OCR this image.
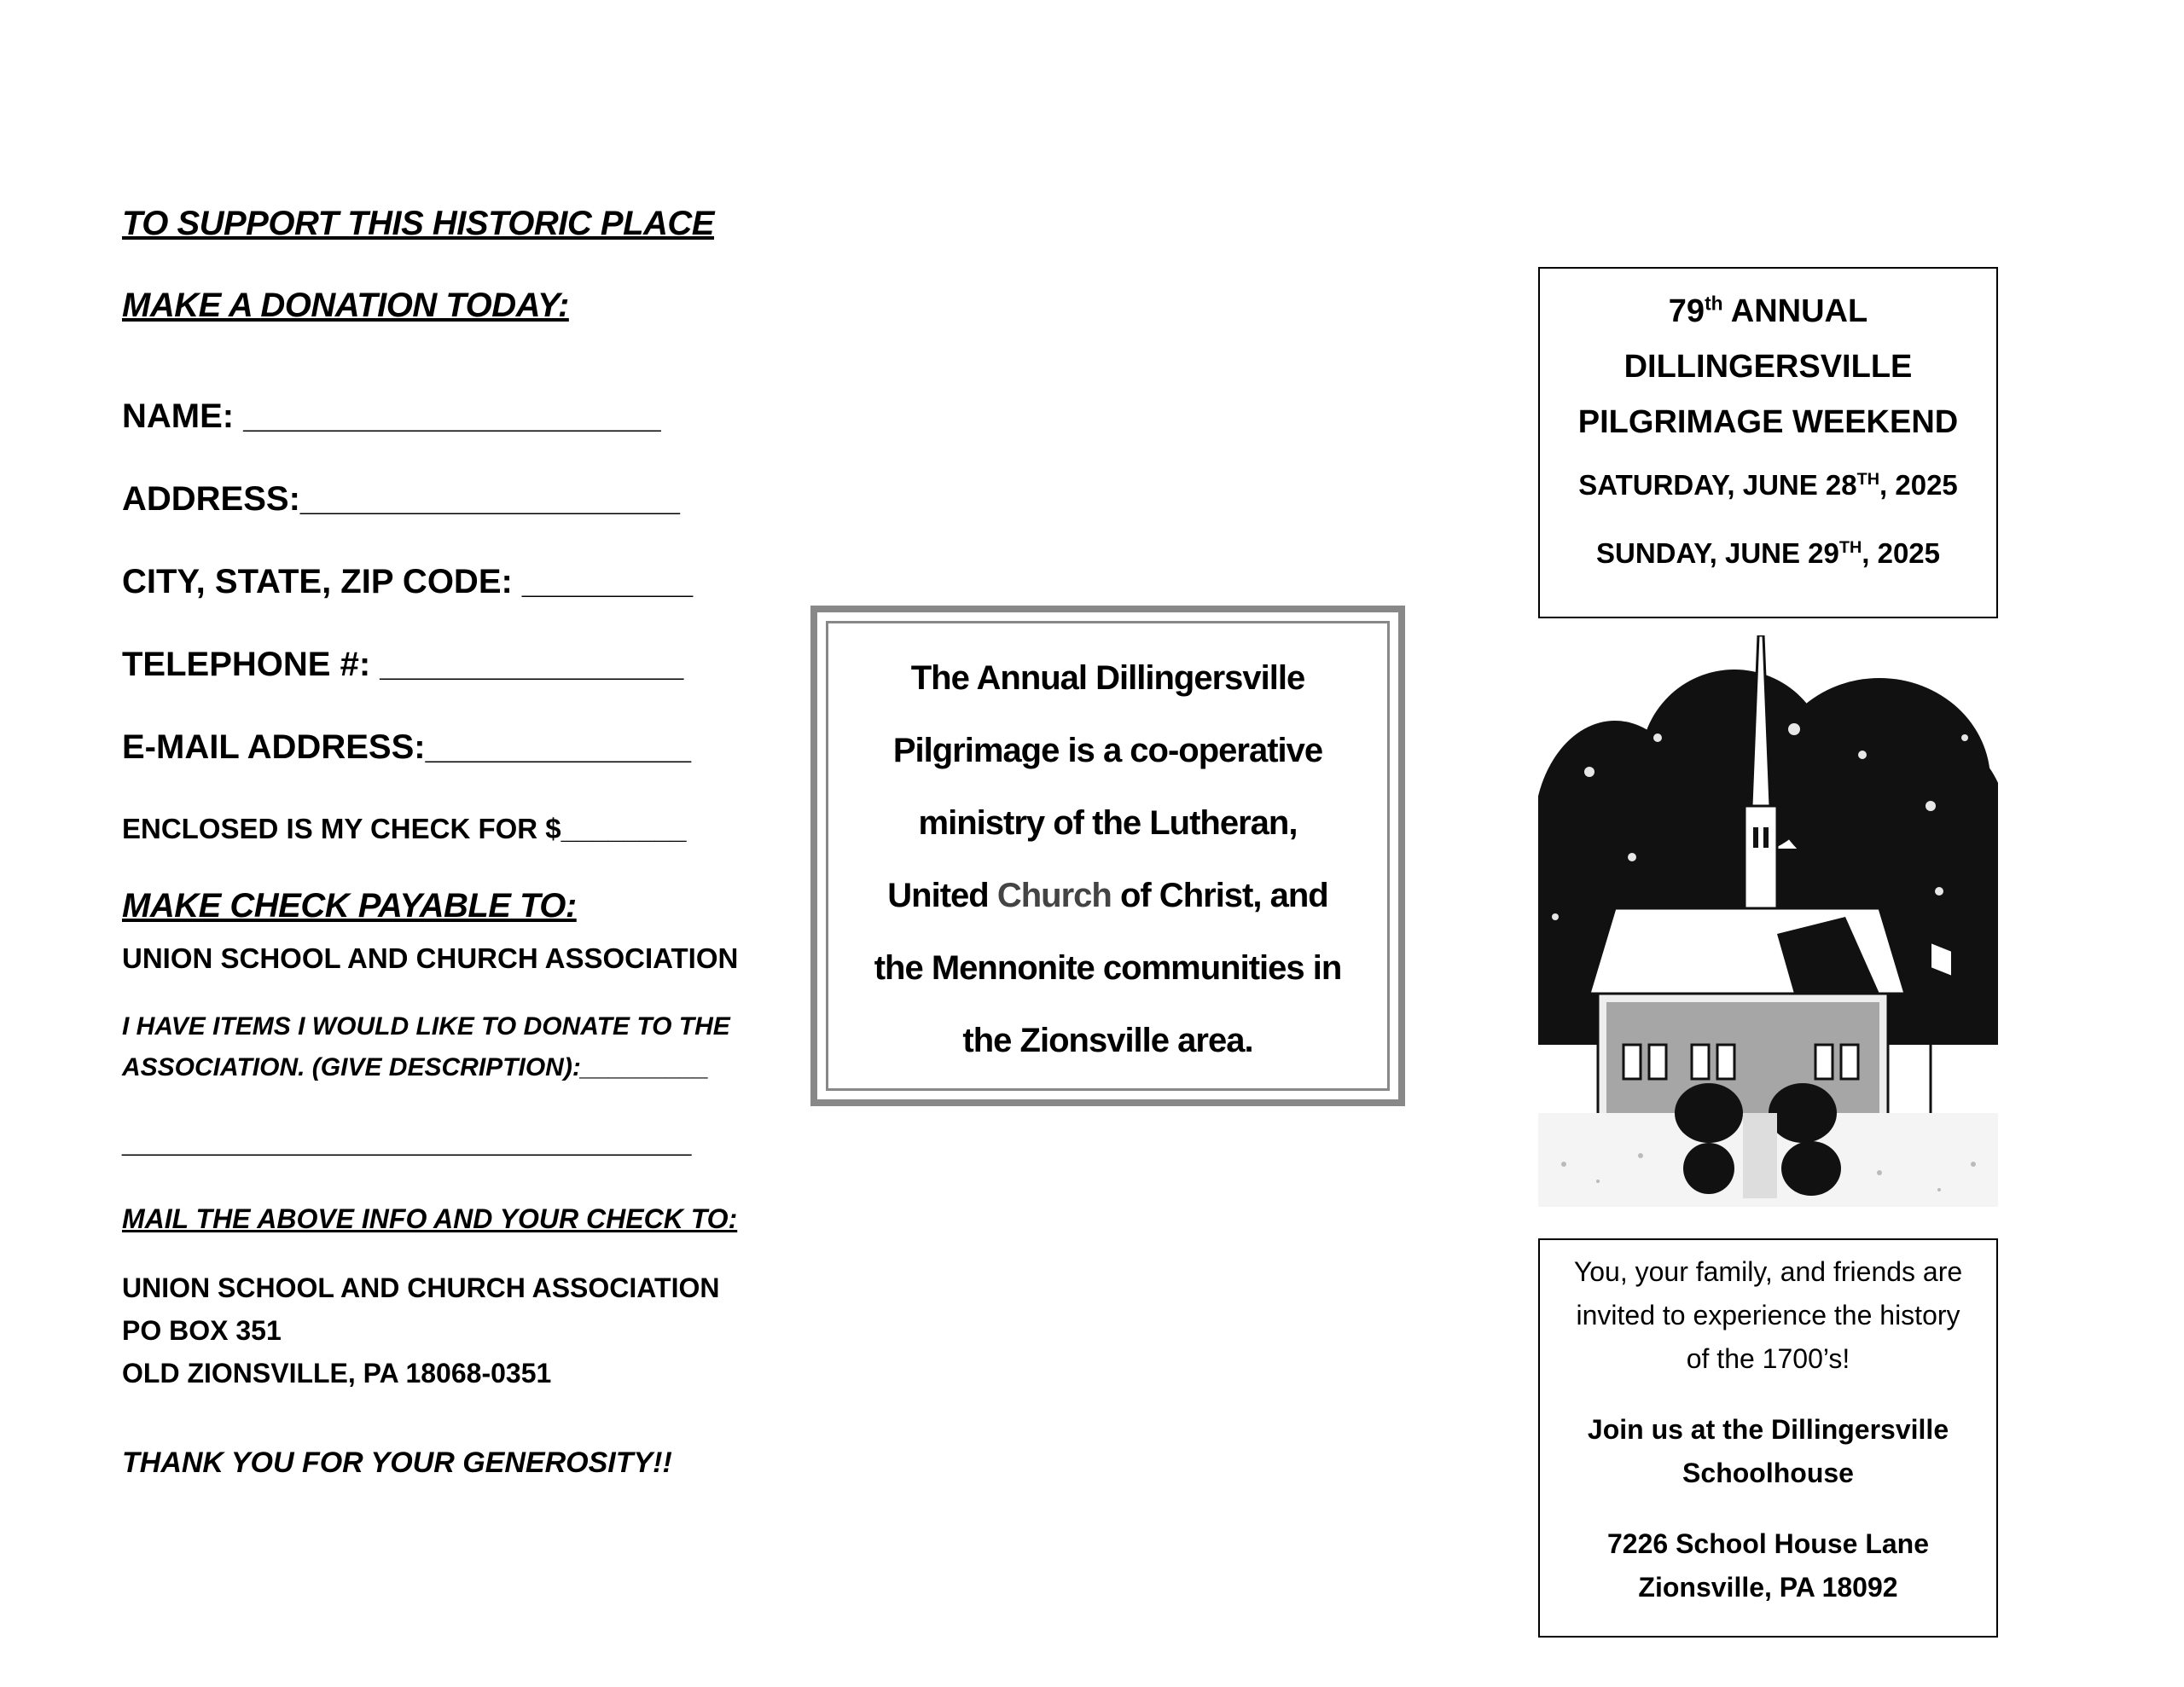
TO SUPPORT THIS HISTORIC PLACE

MAKE A DONATION TODAY:

NAME: ______________________

ADDRESS:____________________

CITY, STATE, ZIP CODE: _________

TELEPHONE #: ________________

E-MAIL ADDRESS:______________

ENCLOSED IS MY CHECK FOR $________

MAKE CHECK PAYABLE TO:

UNION SCHOOL AND CHURCH ASSOCIATION

I HAVE ITEMS I WOULD LIKE TO DONATE TO THE

ASSOCIATION. (GIVE DESCRIPTION):_________

______________________________

MAIL THE ABOVE INFO AND YOUR CHECK TO:

UNION SCHOOL AND CHURCH ASSOCIATION

PO BOX 351

OLD ZIONSVILLE, PA 18068-0351

THANK YOU FOR YOUR GENEROSITY!!

The Annual Dillingersville
Pilgrimage is a co-operative
ministry of the Lutheran,
United Church of Christ, and
the Mennonite communities in
the Zionsville area.
79th ANNUAL
DILLINGERSVILLE
PILGRIMAGE WEEKEND
SATURDAY, JUNE 28TH, 2025
SUNDAY, JUNE 29TH, 2025
You, your family, and friends are
invited to experience the history
of the 1700’s!
Join us at the Dillingersville
Schoolhouse
7226 School House Lane
Zionsville, PA 18092
